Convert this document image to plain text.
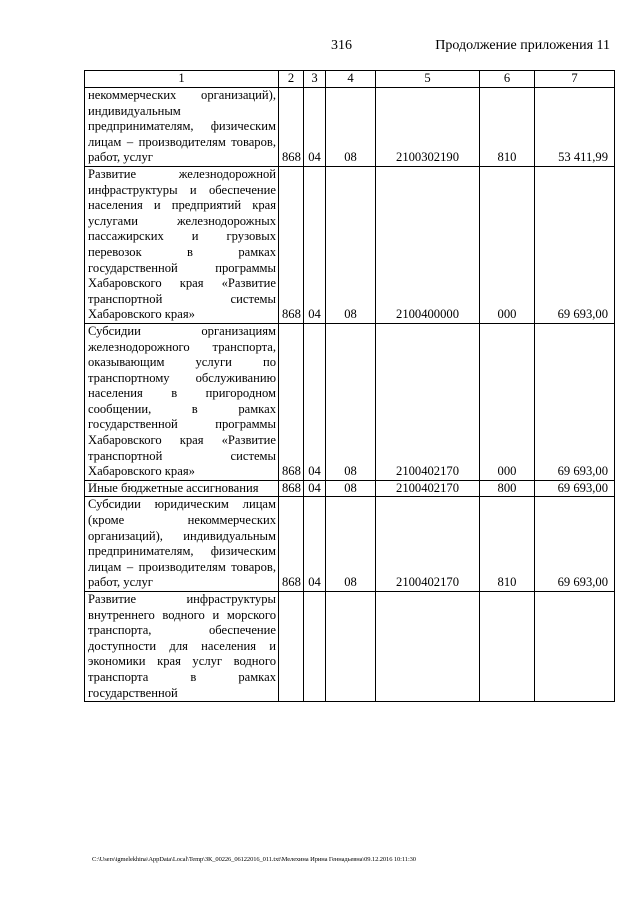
316	Продолжение приложения 11
1	2	3	4	5	6	7
некоммерческих организаций), индивидуальным предпринимателям, физическим лицам – производителям товаров, работ, услуг	868	04	08	2100302190	810	53 411,99
Развитие железнодорожной инфраструктуры и обеспечение населения и предприятий края услугами железнодорожных пассажирских и грузовых перевозок в рамках государственной программы Хабаровского края «Развитие транспортной системы Хабаровского края»	868	04	08	2100400000	000	69 693,00
Субсидии организациям железнодорожного транспорта, оказывающим услуги по транспортному обслуживанию населения в пригородном сообщении, в рамках государственной программы Хабаровского края «Развитие транспортной системы Хабаровского края»	868	04	08	2100402170	000	69 693,00
Иные бюджетные ассигнования	868	04	08	2100402170	800	69 693,00
Субсидии юридическим лицам (кроме некоммерческих организаций), индивидуальным предпринимателям, физическим лицам – производителям товаров, работ, услуг	868	04	08	2100402170	810	69 693,00
Развитие инфраструктуры внутреннего водного и морского транспорта, обеспечение доступности для населения и экономики края услуг водного транспорта в рамках государственной						
C:\Users\igmelekhina\AppData\Local\Temp\ЗК_00226_06122016_011.txt\Мелехина Ирина Геннадьевна\09.12.2016 10:11:30
